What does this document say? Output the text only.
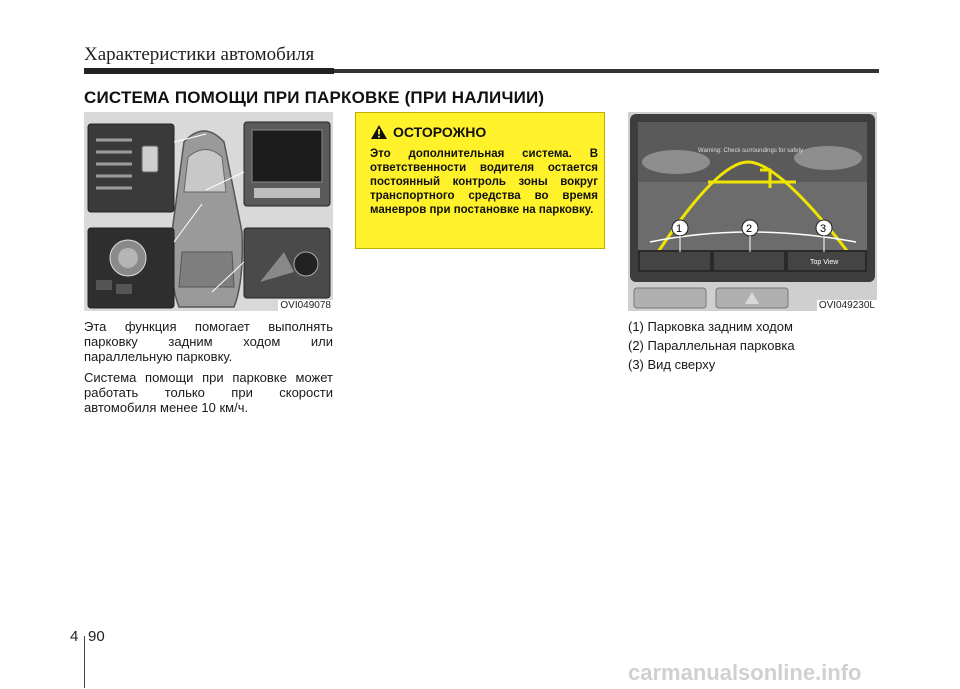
Характеристики автомобиля
СИСТЕМА ПОМОЩИ ПРИ ПАРКОВКЕ (ПРИ НАЛИЧИИ)
OVI049078

Эта функция помогает выполнять парковку задним ходом или параллельную парковку.

Система помощи при парковке может работать только при скорости автомобиля менее 10 км/ч.

ОСТОРОЖНО
Это дополнительная система. В ответственности водителя остается постоянный контроль зоны вокруг транспортного средства во время маневров при постановке на парковку.
1	2	3
Warning: Check surroundings for safety
Top View
OVI049230L
(1) Парковка задним ходом
(2) Параллельная парковка
(3) Вид сверху
4 90
carmanualsonline.info
